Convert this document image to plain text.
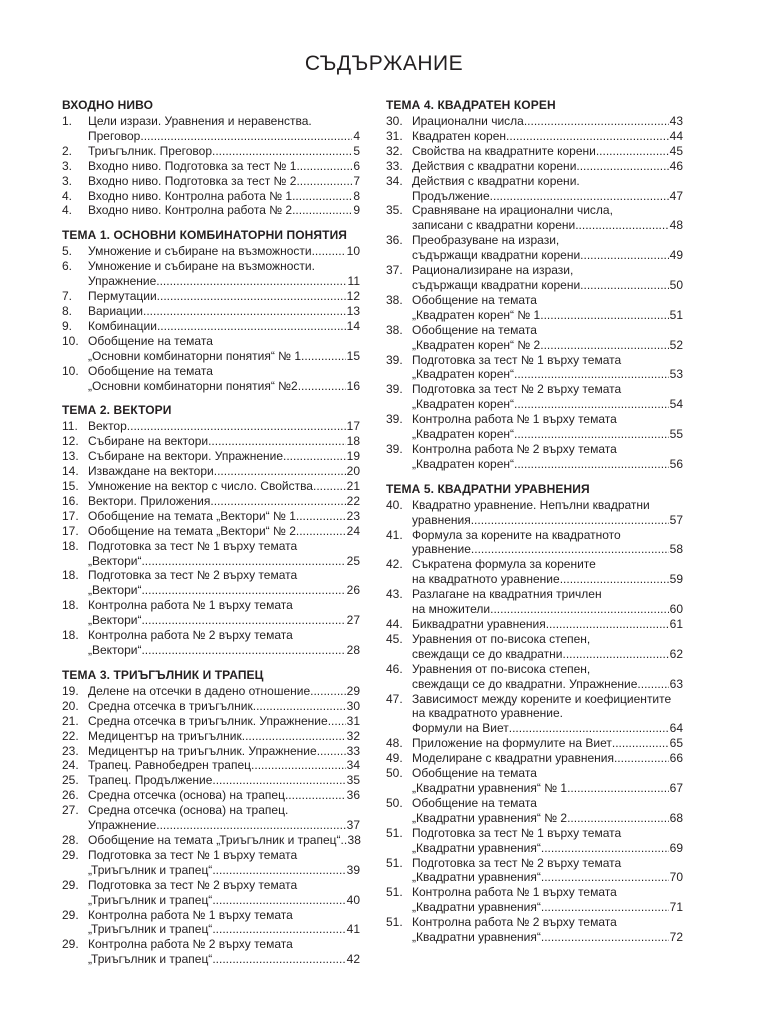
СЪДЪРЖАНИЕ
ВХОДНО НИВО
1.	Цели изрази. Уравнения и неравенства.
Преговор .....	4
2.	Триъгълник. Преговор .....	5
3.	Входно ниво. Подготовка за тест № 1 .....	6
3.	Входно ниво. Подготовка за тест № 2 .....	7
4.	Входно ниво. Контролна работа № 1 .....	8
4.	Входно ниво. Контролна работа № 2 .....	9
ТЕМА 1. ОСНОВНИ КОМБИНАТОРНИ ПОНЯТИЯ
5.	Умножение и събиране на възможности .....	10
6.	Умножение и събиране на възможности.
Упражнение .....	11
7.	Пермутации .....	12
8.	Вариации .....	13
9.	Комбинации .....	14
10. Обобщение на темата
„Основни комбинаторни понятия“ № 1 .....	15
10. Обобщение на темата
„Основни комбинаторни понятия“ №2 .....	16
ТЕМА 2. ВЕКТОРИ
11. Вектор .....	17
12. Събиране на вектори .....	18
13. Събиране на вектори. Упражнение .....	19
14. Изваждане на вектори .....	20
15. Умножение на вектор с число. Свойства .....	21
16. Вектори. Приложения .....	22
17. Обобщение на темата „Вектори“ № 1 .....	23
17. Обобщение на темата „Вектори“ № 2 .....	24
18. Подготовка за тест № 1 върху темата
„Вектори“ .....	25
18. Подготовка за тест № 2 върху темата
„Вектори“ .....	26
18. Контролна работа № 1 върху темата
„Вектори“ .....	27
18. Контролна работа № 2 върху темата
„Вектори“ .....	28
ТЕМА 3. ТРИЪГЪЛНИК И ТРАПЕЦ
19. Делене на отсечки в дадено отношение .....	29
20. Средна отсечка в триъгълник .....	30
21. Средна отсечка в триъгълник. Упражнение ..... 31
22. Медицентър на триъгълник .....	32
23. Медицентър на триъгълник. Упражнение ..... 33
24. Трапец. Равнобедрен трапец .....	34
25. Трапец. Продължение .....	35
26. Средна отсечка (основа) на трапец .....	36
27. Средна отсечка (основа) на трапец.
Упражнение .....	37
28. Обобщение на темата „Триъгълник и трапец“ ..... 38
29. Подготовка за тест № 1 върху темата
„Триъгълник и трапец“ .....	39
29. Подготовка за тест № 2 върху темата
„Триъгълник и трапец“ .....	40
29. Контролна работа № 1 върху темата
„Триъгълник и трапец“ .....	41
29. Контролна работа № 2 върху темата
„Триъгълник и трапец“ .....	42
ТЕМА 4. КВАДРАТЕН КОРЕН
30. Ирационални числа .....	43
31. Квадратен корен .....	44
32. Свойства на квадратните корени .....	45
33. Действия с квадратни корени .....	46
34. Действия с квадратни корени.
Продължение .....	47
35. Сравняване на ирационални числа,
записани с квадратни корени .....	48
36. Преобразуване на изрази,
съдържащи квадратни корени .....	49
37. Рационализиране на изрази,
съдържащи квадратни корени .....	50
38. Обобщение на темата
„Квадратен корен“ № 1 .....	51
38. Обобщение на темата
„Квадратен корен“ № 2 .....	52
39. Подготовка за тест № 1 върху темата
„Квадратен корен“ .....	53
39. Подготовка за тест № 2 върху темата
„Квадратен корен“ .....	54
39. Контролна работа № 1 върху темата
„Квадратен корен“ .....	55
39. Контролна работа № 2 върху темата
„Квадратен корен“ .....	56
ТЕМА 5. КВАДРАТНИ УРАВНЕНИЯ
40. Квадратно уравнение. Непълни квадратни
уравнения .....	57
41. Формула за корените на квадратното
уравнение .....	58
42. Съкратена формула за корените
на квадратното уравнение .....	59
43. Разлагане на квадратния тричлен
на множители .....	60
44. Биквадратни уравнения .....	61
45. Уравнения от по-висока степен,
свеждащи се до квадратни .....	62
46. Уравнения от по-висока степен,
свеждащи се до квадратни. Упражнение .....	63
47. Зависимост между корените и коефициентите
на квадратното уравнение.
Формули на Виет .....	64
48. Приложение на формулите на Виет .....	65
49. Моделиране с квадратни уравнения .....	66
50. Обобщение на темата
„Квадратни уравнения“ № 1 .....	67
50. Обобщение на темата
„Квадратни уравнения“ № 2 .....	68
51. Подготовка за тест № 1 върху темата
„Квадратни уравнения“ .....	69
51. Подготовка за тест № 2 върху темата
„Квадратни уравнения“ .....	70
51. Контролна работа № 1 върху темата
„Квадратни уравнения“ .....	71
51. Контролна работа № 2 върху темата
„Квадратни уравнения“ .....	72
